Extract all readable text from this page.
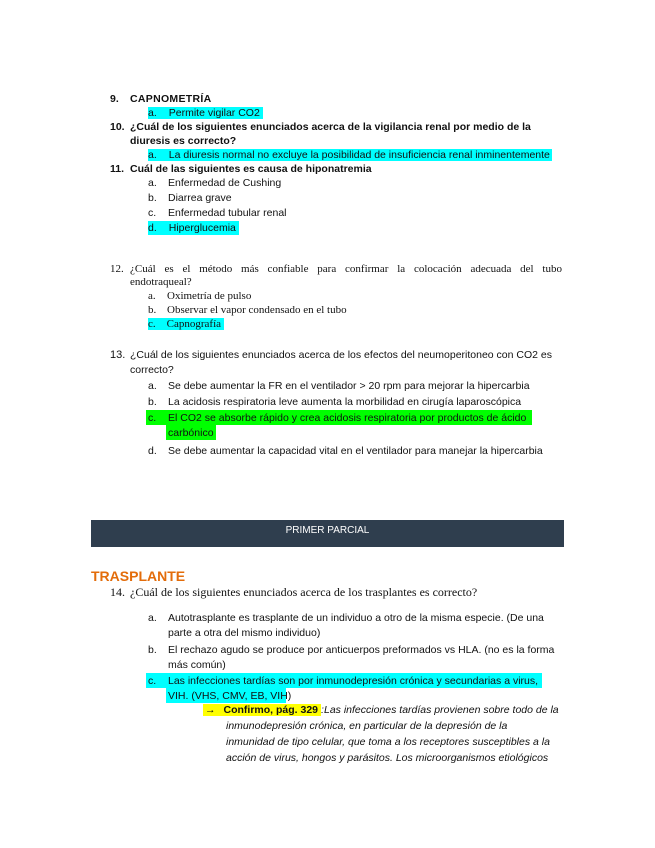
9. CAPNOMETRÍA
a. Permite vigilar CO2
10. ¿Cuál de los siguientes enunciados acerca de la vigilancia renal por medio de la
diuresis es correcto?
a. La diuresis normal no excluye la posibilidad de insuficiencia renal inminentemente
11. Cuál de las siguientes es causa de hiponatremia
a. Enfermedad de Cushing
b. Diarrea grave
c. Enfermedad tubular renal
d. Hiperglucemia
12. ¿Cuál es el método más confiable para confirmar la colocación adecuada del tubo
endotraqueal?
a. Oximetría de pulso
b. Observar el vapor condensado en el tubo
c. Capnografía
13. ¿Cuál de los siguientes enunciados acerca de los efectos del neumoperitoneo con CO2 es
correcto?
a. Se debe aumentar la FR en el ventilador > 20 rpm para mejorar la hipercarbia
b. La acidosis respiratoria leve aumenta la morbilidad en cirugía laparoscópica
c. El CO2 se absorbe rápido y crea acidosis respiratoria por productos de ácido
carbónico
d. Se debe aumentar la capacidad vital en el ventilador para manejar la hipercarbia
PRIMER PARCIAL
TRASPLANTE
14. ¿Cuál de los siguientes enunciados acerca de los trasplantes es correcto?
a. Autotrasplante es trasplante de un individuo a otro de la misma especie. (De una
parte a otra del mismo individuo)
b. El rechazo agudo se produce por anticuerpos preformados vs HLA. (no es la forma
más común)
c. Las infecciones tardías son por inmunodepresión crónica y secundarias a virus,
VIH. (VHS, CMV, EB, VIH)
→ Confirmo, pág. 329 : Las infecciones tardías provienen sobre todo de la
inmunodepresión crónica, en particular de la depresión de la
inmunidad de tipo celular, que toma a los receptores susceptibles a la
acción de virus, hongos y parásitos. Los microorganismos etiológicos
